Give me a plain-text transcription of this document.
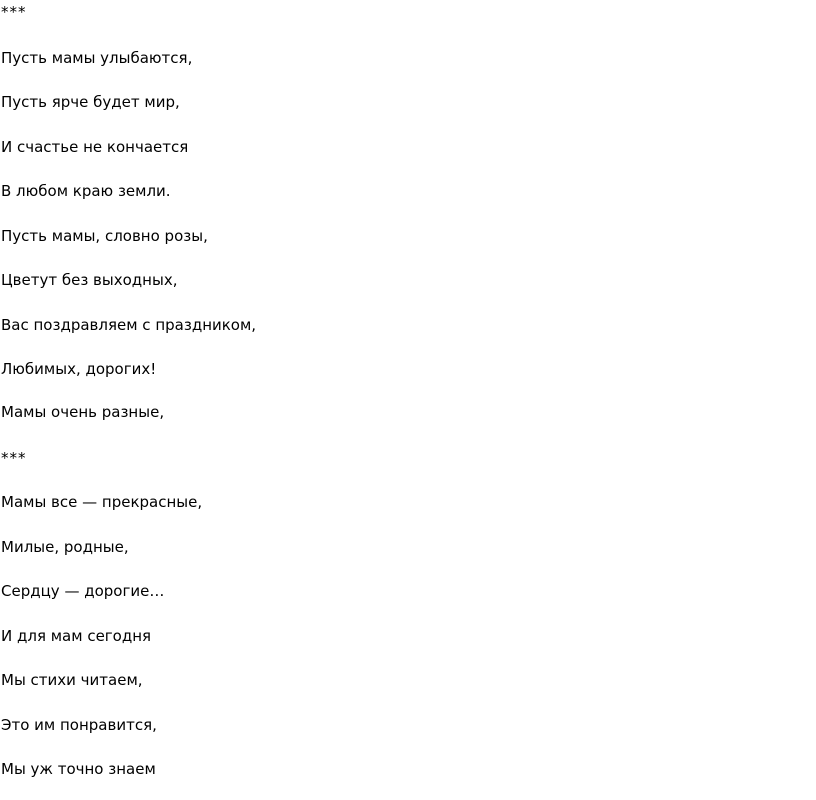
***
Пусть мамы улыбаются,
Пусть ярче будет мир,
И счастье не кончается
В любом краю земли.
Пусть мамы, словно розы,
Цветут без выходных,
Вас поздравляем с праздником,
Любимых, дорогих!
Мамы очень разные,
***
Мамы все — прекрасные,
Милые, родные,
Сердцу — дорогие…
И для мам сегодня
Мы стихи читаем,
Это им понравится,
Мы уж точно знаем
